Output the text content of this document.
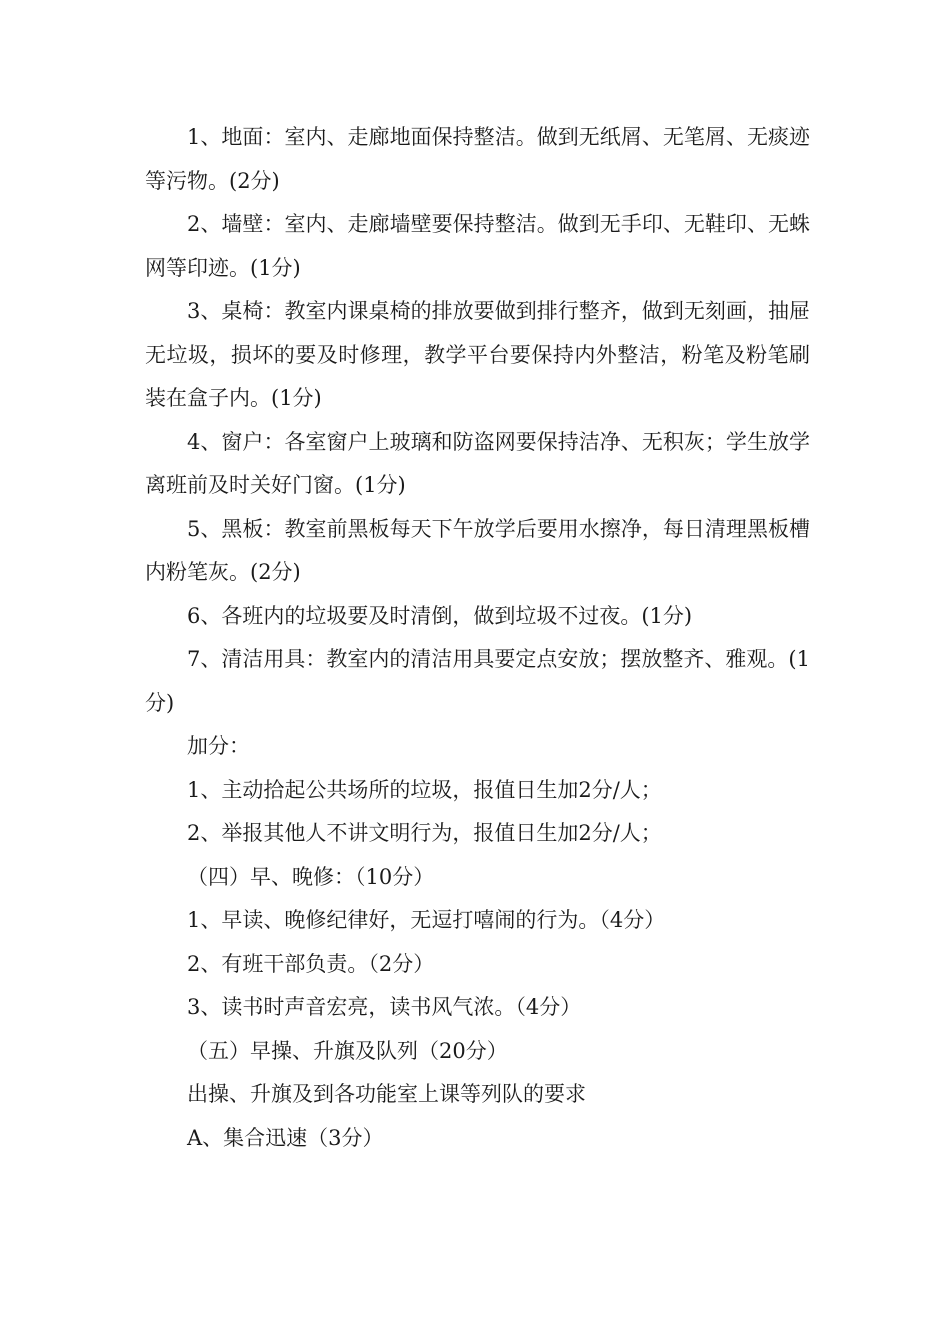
1、地面：室内、走廊地面保持整洁。做到无纸屑、无笔屑、无痰迹等污物。(2分)

2、墙壁：室内、走廊墙壁要保持整洁。做到无手印、无鞋印、无蛛网等印迹。(1分)

3、桌椅：教室内课桌椅的排放要做到排行整齐，做到无刻画，抽屉无垃圾，损坏的要及时修理，教学平台要保持内外整洁，粉笔及粉笔刷装在盒子内。(1分)

4、窗户：各室窗户上玻璃和防盗网要保持洁净、无积灰；学生放学离班前及时关好门窗。(1分)

5、黑板：教室前黑板每天下午放学后要用水擦净，每日清理黑板槽内粉笔灰。(2分)

6、各班内的垃圾要及时清倒，做到垃圾不过夜。(1分)

7、清洁用具：教室内的清洁用具要定点安放；摆放整齐、雅观。(1分)

加分：

1、主动拾起公共场所的垃圾，报值日生加2分/人；

2、举报其他人不讲文明行为，报值日生加2分/人；

（四）早、晚修：（10分）

1、早读、晚修纪律好，无逗打嘻闹的行为。（4分）

2、有班干部负责。（2分）

3、读书时声音宏亮，读书风气浓。（4分）

（五）早操、升旗及队列（20分）

出操、升旗及到各功能室上课等列队的要求

A、集合迅速（3分）
